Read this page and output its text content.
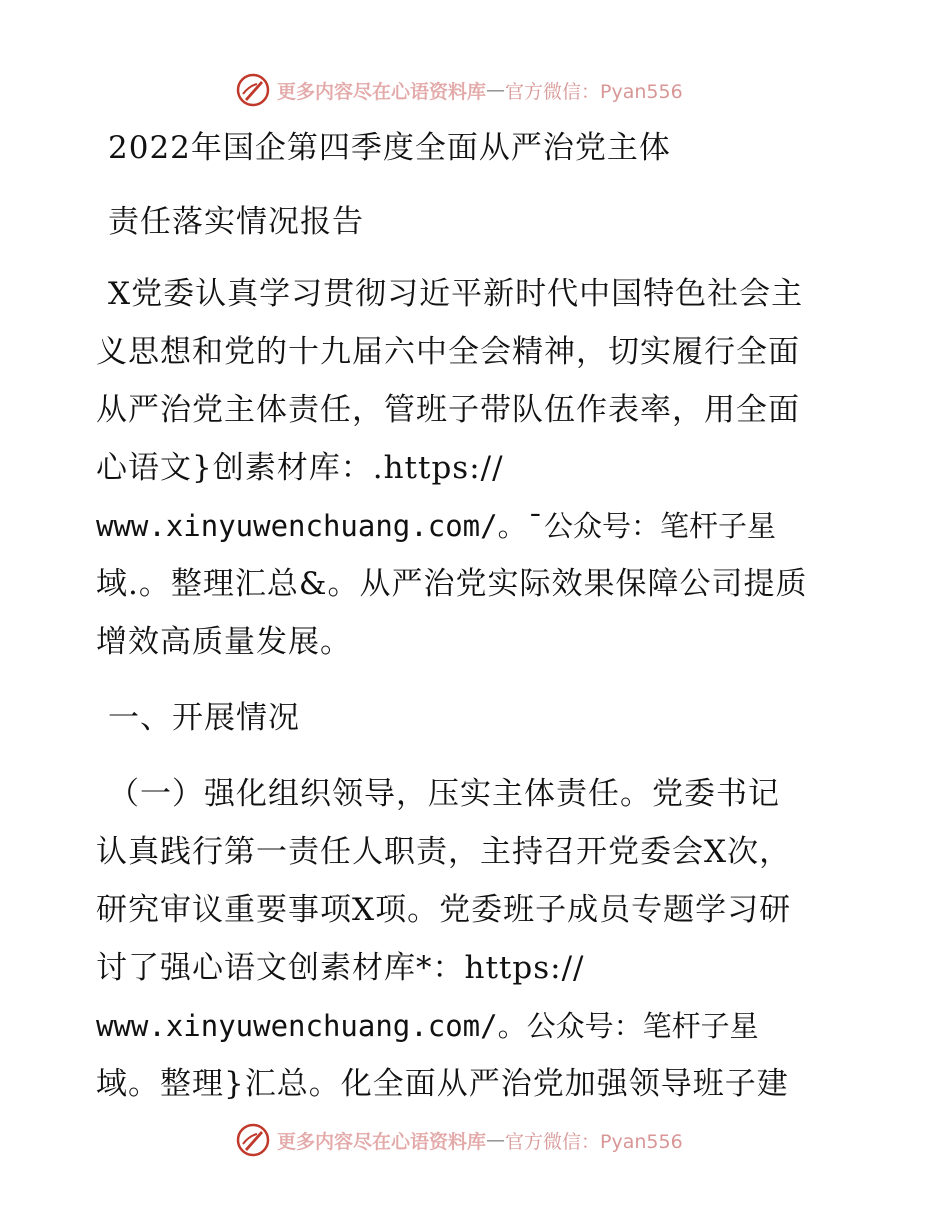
更多内容尽在心语资料库 — 官方微信：Pyan556
2022年国企第四季度全面从严治党主体
责任落实情况报告
X党委认真学习贯彻习近平新时代中国特色社会主
义思想和党的十九届六中全会精神，切实履行全面
从严治党主体责任，管班子带队伍作表率，用全面
心语文}创素材库：.https://
www.xinyuwenchuang.com/。¯公众号：笔杆子星
域.。整理汇总&。从严治党实际效果保障公司提质
增效高质量发展。
一、开展情况
（一）强化组织领导，压实主体责任。党委书记
认真践行第一责任人职责，主持召开党委会X次，
研究审议重要事项X项。党委班子成员专题学习研
讨了强心语文创素材库*：https://
www.xinyuwenchuang.com/。公众号：笔杆子星
域。整理}汇总。化全面从严治党加强领导班子建
更多内容尽在心语资料库 — 官方微信：Pyan556
